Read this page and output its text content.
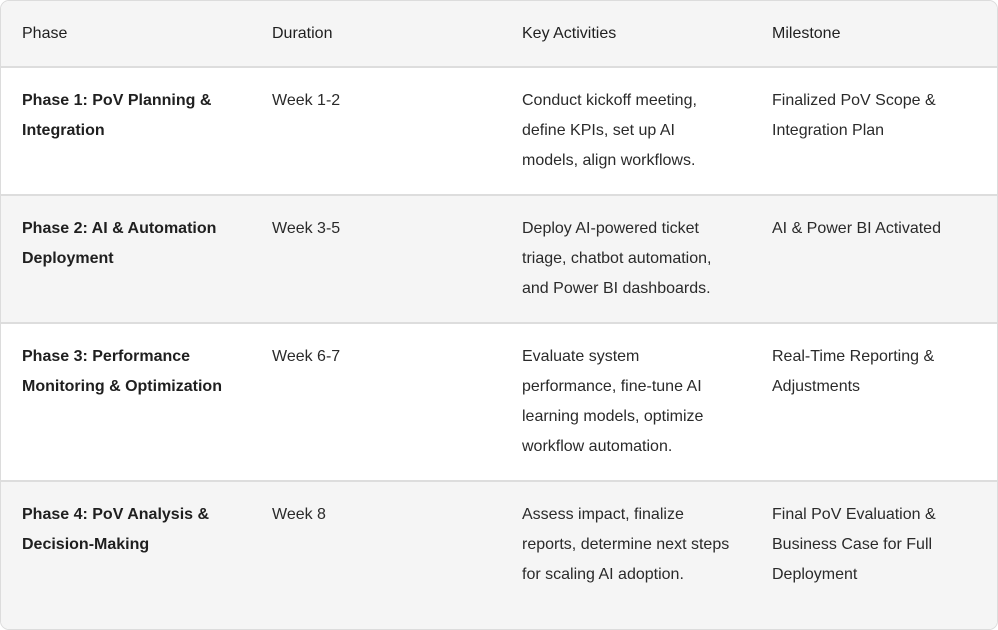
Phase	Duration	Key Activities	Milestone
Phase 1: PoV Planning & Integration	Week 1-2	Conduct kickoff meeting, define KPIs, set up AI models, align workflows.	Finalized PoV Scope & Integration Plan
Phase 2: AI & Automation Deployment	Week 3-5	Deploy AI-powered ticket triage, chatbot automation, and Power BI dashboards.	AI & Power BI Activated
Phase 3: Performance Monitoring & Optimization	Week 6-7	Evaluate system performance, fine-tune AI learning models, optimize workflow automation.	Real-Time Reporting & Adjustments
Phase 4: PoV Analysis & Decision-Making	Week 8	Assess impact, finalize reports, determine next steps for scaling AI adoption.	Final PoV Evaluation & Business Case for Full Deployment
